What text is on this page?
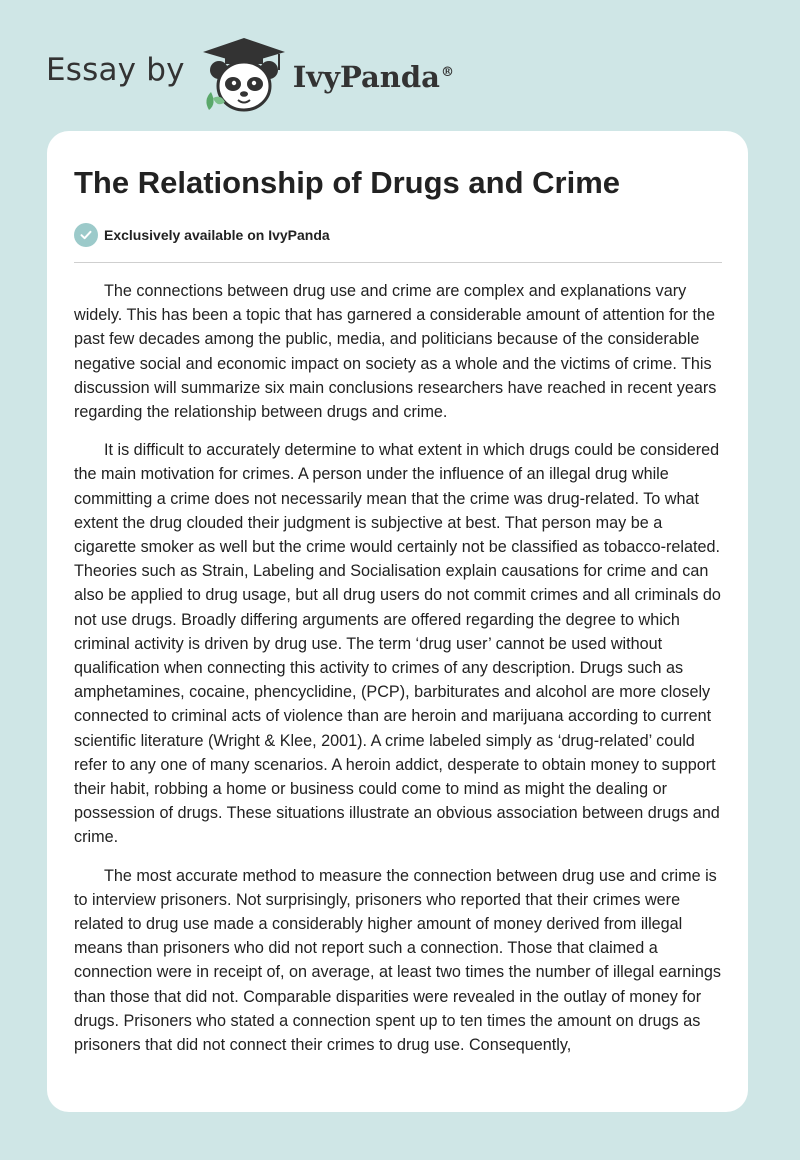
Essay by	IvyPanda®
The Relationship of Drugs and Crime
Exclusively available on IvyPanda

The connections between drug use and crime are complex and explanations vary widely. This has been a topic that has garnered a considerable amount of attention for the past few decades among the public, media, and politicians because of the considerable negative social and economic impact on society as a whole and the victims of crime. This discussion will summarize six main conclusions researchers have reached in recent years regarding the relationship between drugs and crime.

It is difficult to accurately determine to what extent in which drugs could be considered the main motivation for crimes. A person under the influence of an illegal drug while committing a crime does not necessarily mean that the crime was drug-related. To what extent the drug clouded their judgment is subjective at best. That person may be a cigarette smoker as well but the crime would certainly not be classified as tobacco-related. Theories such as Strain, Labeling and Socialisation explain causations for crime and can also be applied to drug usage, but all drug users do not commit crimes and all criminals do not use drugs. Broadly differing arguments are offered regarding the degree to which criminal activity is driven by drug use. The term ‘drug user’ cannot be used without qualification when connecting this activity to crimes of any description. Drugs such as amphetamines, cocaine, phencyclidine, (PCP), barbiturates and alcohol are more closely connected to criminal acts of violence than are heroin and marijuana according to current scientific literature (Wright & Klee, 2001). A crime labeled simply as ‘drug-related’ could refer to any one of many scenarios. A heroin addict, desperate to obtain money to support their habit, robbing a home or business could come to mind as might the dealing or possession of drugs. These situations illustrate an obvious association between drugs and crime.

The most accurate method to measure the connection between drug use and crime is to interview prisoners. Not surprisingly, prisoners who reported that their crimes were related to drug use made a considerably higher amount of money derived from illegal means than prisoners who did not report such a connection. Those that claimed a connection were in receipt of, on average, at least two times the number of illegal earnings than those that did not. Comparable disparities were revealed in the outlay of money for drugs. Prisoners who stated a connection spent up to ten times the amount on drugs as prisoners that did not connect their crimes to drug use. Consequently,
